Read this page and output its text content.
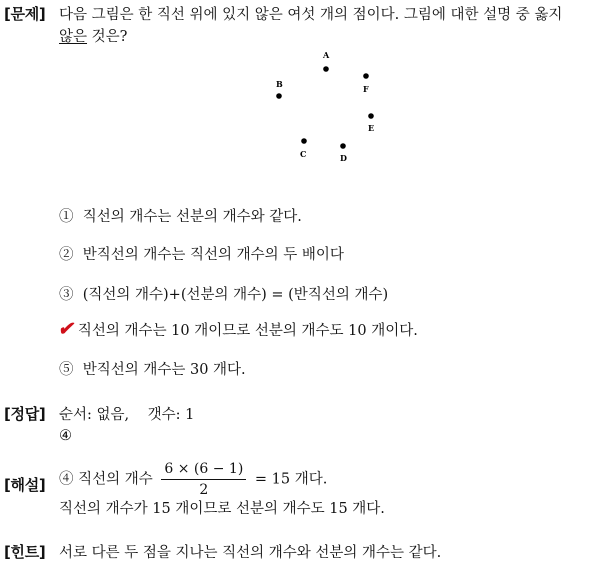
[문제] 다음 그림은 한 직선 위에 있지 않은 여섯 개의 점이다. 그림에 대한 설명 중 옳지
않은 것은?
A
B
C	D
E
F
① 직선의 개수는 선분의 개수와 같다.
② 반직선의 개수는 직선의 개수의 두 배이다
③ (직선의 개수)+(선분의 개수) = (반직선의 개수)
✔직선의 개수는 10 개이므로 선분의 개수도 10 개이다.
⑤ 반직선의 개수는 30 개다.
[정답] 순서: 없음,    갯수: 1
④
[해설] ④ 직선의 개수 $\frac{6 \times (6 - 1)}{2} = 15$ 개다.
직선의 개수가 15 개이므로 선분의 개수도 15 개다.
[힌트] 서로 다른 두 점을 지나는 직선의 개수와 선분의 개수는 같다.
